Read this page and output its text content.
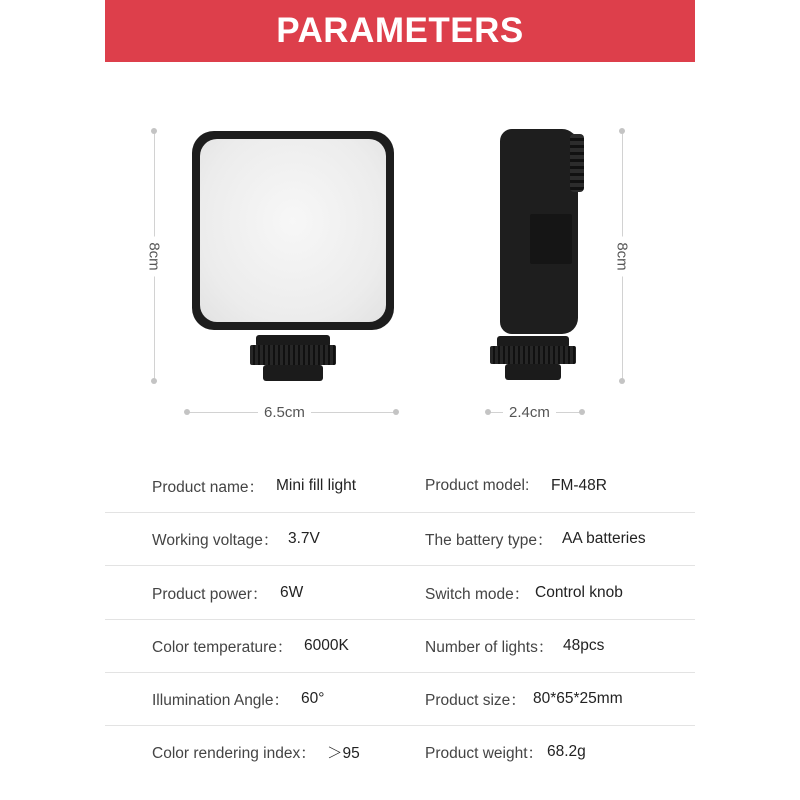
PARAMETERS
8cm
6.5cm
8cm
2.4cm
Product name： Mini fill light	Product model: FM-48R
Working voltage： 3.7V	The battery type： AA batteries
Product power： 6W	Switch mode： Control knob
Color temperature： 6000K	Number of lights： 48pcs
Illumination Angle： 60°	Product size： 80*65*25mm
Color rendering index： ＞95	Product weight： 68.2g
